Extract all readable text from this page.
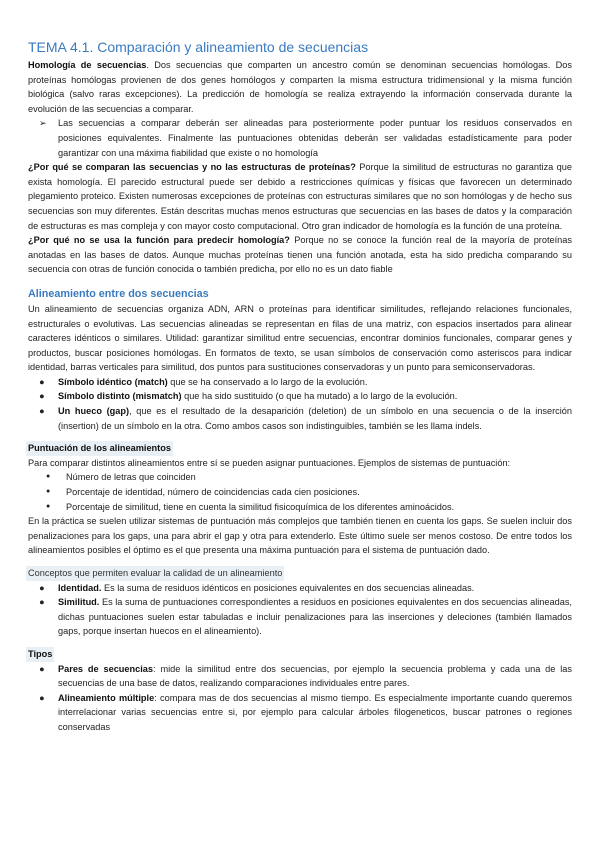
TEMA 4.1. Comparación y alineamiento de secuencias

Homología de secuencias. Dos secuencias que comparten un ancestro común se denominan secuencias homólogas. Dos proteínas homólogas provienen de dos genes homólogos y comparten la misma estructura tridimensional y la misma función biológica (salvo raras excepciones). La predicción de homología se realiza extrayendo la información conservada durante la evolución de las secuencias a comparar.

➢ Las secuencias a comparar deberán ser alineadas para posteriormente poder puntuar los residuos conservados en posiciones equivalentes. Finalmente las puntuaciones obtenidas deberán ser validadas estadísticamente para poder garantizar con una máxima fiabilidad que existe o no homología

¿Por qué se comparan las secuencias y no las estructuras de proteínas? Porque la similitud de estructuras no garantiza que exista homología. El parecido estructural puede ser debido a restricciones químicas y físicas que favorecen un determinado plegamiento proteico. Existen numerosas excepciones de proteínas con estructuras similares que no son homólogas y de hecho sus secuencias son muy diferentes. Están descritas muchas menos estructuras que secuencias en las bases de datos y la comparación de estructuras es mas compleja y con mayor costo computacional. Otro gran indicador de homología es la función de una proteína.

¿Por qué no se usa la función para predecir homología? Porque no se conoce la función real de la mayoría de proteínas anotadas en las bases de datos. Aunque muchas proteínas tienen una función anotada, esta ha sido predicha comparando su secuencia con otras de función conocida o también predicha, por ello no es un dato fiable

Alineamiento entre dos secuencias

Un alineamiento de secuencias organiza ADN, ARN o proteínas para identificar similitudes, reflejando relaciones funcionales, estructurales o evolutivas. Las secuencias alineadas se representan en filas de una matriz, con espacios insertados para alinear caracteres idénticos o similares. Utilidad: garantizar similitud entre secuencias, encontrar dominios funcionales, comparar genes y productos, buscar posiciones homólogas. En formatos de texto, se usan símbolos de conservación como asteriscos para indicar identidad, barras verticales para similitud, dos puntos para sustituciones conservadoras y un punto para semiconservadoras.

● Símbolo idéntico (match) que se ha conservado a lo largo de la evolución.
● Símbolo distinto (mismatch) que ha sido sustituido (o que ha mutado) a lo largo de la evolución.
● Un hueco (gap), que es el resultado de la desaparición (deletion) de un símbolo en una secuencia o de la inserción (insertion) de un símbolo en la otra. Como ambos casos son indistinguibles, también se les llama indels.
Puntuación de los alineamientos

Para comparar distintos alineamientos entre sí se pueden asignar puntuaciones. Ejemplos de sistemas de puntuación:

● Número de letras que coinciden
● Porcentaje de identidad, número de coincidencias cada cien posiciones.
● Porcentaje de similitud, tiene en cuenta la similitud fisicoquímica de los diferentes aminoácidos.

En la práctica se suelen utilizar sistemas de puntuación más complejos que también tienen en cuenta los gaps. Se suelen incluir dos penalizaciones para los gaps, una para abrir el gap y otra para extenderlo. Este último suele ser menos costoso. De entre todos los alineamientos posibles el óptimo es el que presenta una máxima puntuación para el sistema de puntuación dado.

Conceptos que permiten evaluar la calidad de un alineamiento
● Identidad. Es la suma de residuos idénticos en posiciones equivalentes en dos secuencias alineadas.
● Similitud. Es la suma de puntuaciones correspondientes a residuos en posiciones equivalentes en dos secuencias alineadas, dichas puntuaciones suelen estar tabuladas e incluir penalizaciones para las inserciones y deleciones (también llamados gaps, porque insertan huecos en el alineamiento).
Tipos
● Pares de secuencias: mide la similitud entre dos secuencias, por ejemplo la secuencia problema y cada una de las secuencias de una base de datos, realizando comparaciones individuales entre pares.
● Alineamiento múltiple: compara mas de dos secuencias al mismo tiempo. Es especialmente importante cuando queremos interrelacionar varias secuencias entre si, por ejemplo para calcular árboles filogeneticos, buscar patrones o regiones conservadas
